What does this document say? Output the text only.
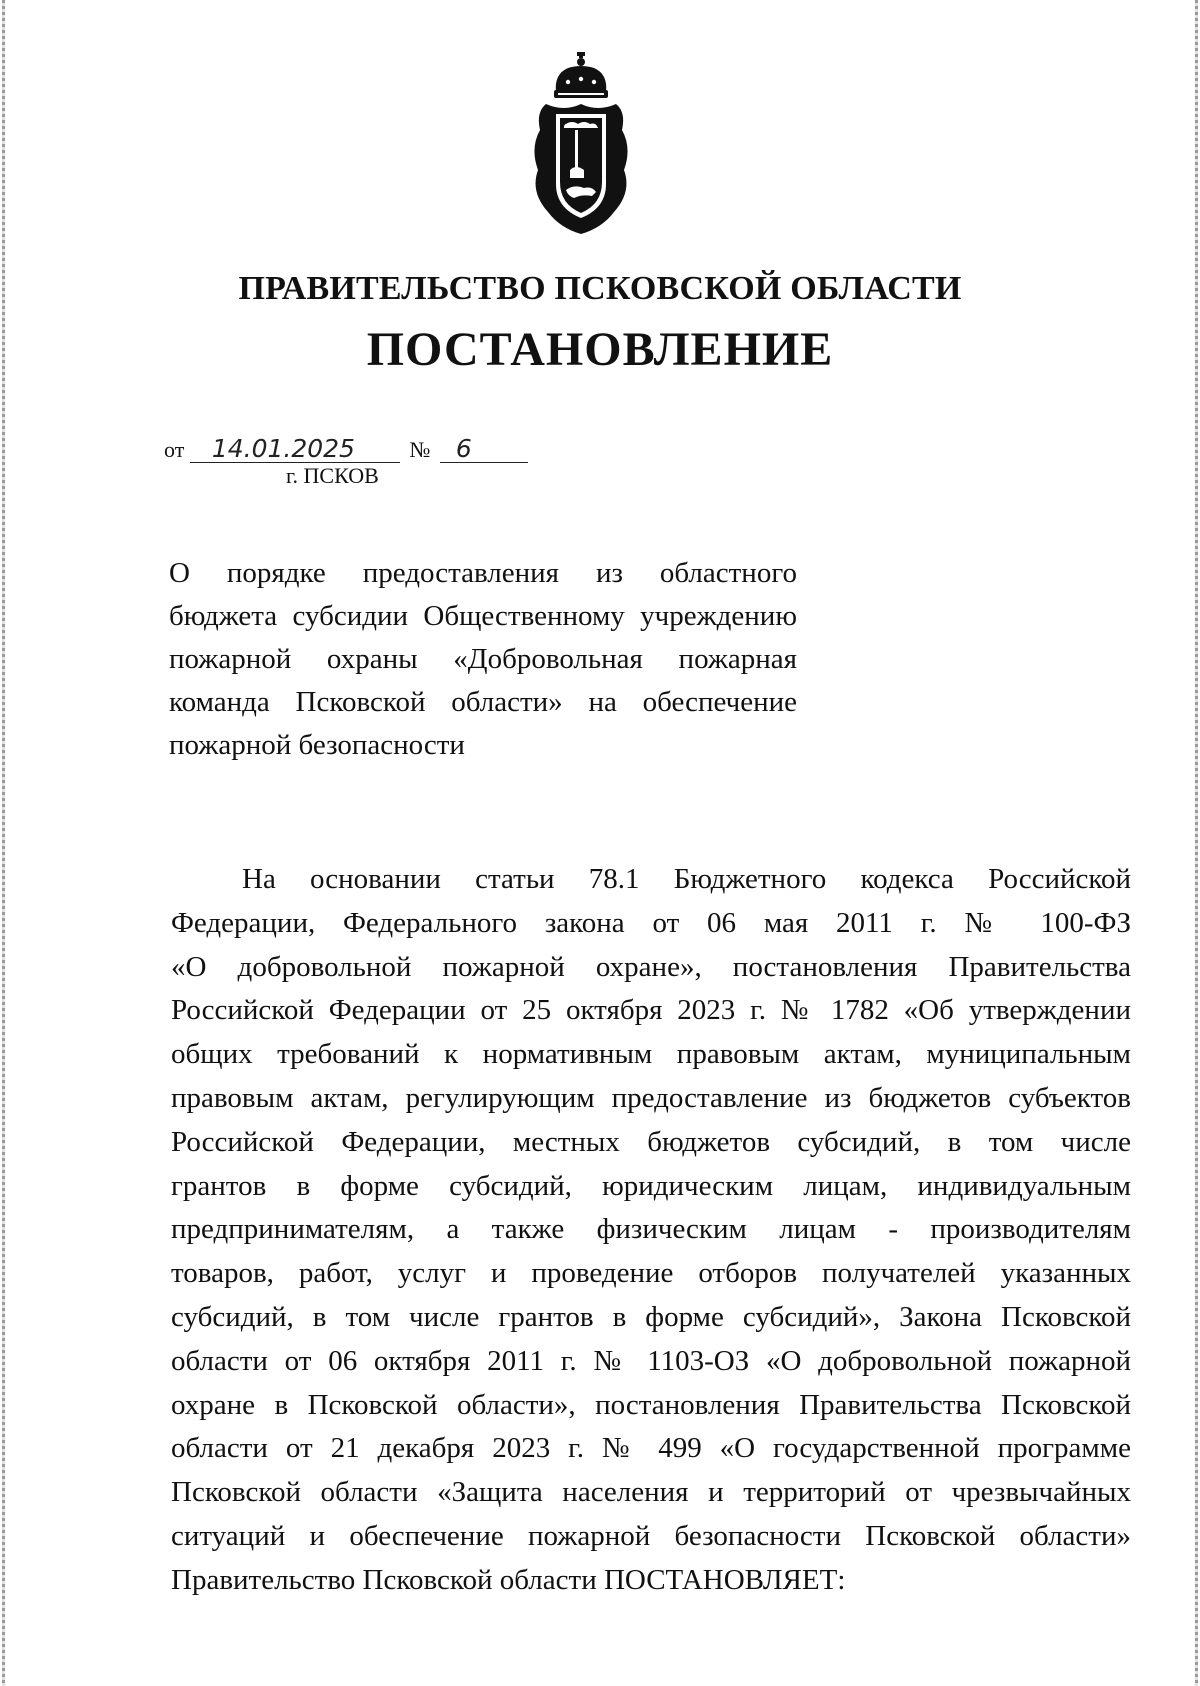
ПРАВИТЕЛЬСТВО ПСКОВСКОЙ ОБЛАСТИ
ПОСТАНОВЛЕНИЕ
от 14.01.2025 № 6
г. ПСКОВ
О порядке предоставления из областного
бюджета субсидии Общественному учреждению
пожарной охраны «Добровольная пожарная
команда Псковской области» на обеспечение
пожарной безопасности
На основании статьи 78.1 Бюджетного кодекса Российской
Федерации, Федерального закона от 06 мая 2011 г. № 100-ФЗ
«О добровольной пожарной охране», постановления Правительства
Российской Федерации от 25 октября 2023 г. № 1782 «Об утверждении
общих требований к нормативным правовым актам, муниципальным
правовым актам, регулирующим предоставление из бюджетов субъектов
Российской Федерации, местных бюджетов субсидий, в том числе
грантов в форме субсидий, юридическим лицам, индивидуальным
предпринимателям, а также физическим лицам - производителям
товаров, работ, услуг и проведение отборов получателей указанных
субсидий, в том числе грантов в форме субсидий», Закона Псковской
области от 06 октября 2011 г. № 1103-ОЗ «О добровольной пожарной
охране в Псковской области», постановления Правительства Псковской
области от 21 декабря 2023 г. № 499 «О государственной программе
Псковской области «Защита населения и территорий от чрезвычайных
ситуаций и обеспечение пожарной безопасности Псковской области»
Правительство Псковской области ПОСТАНОВЛЯЕТ:
